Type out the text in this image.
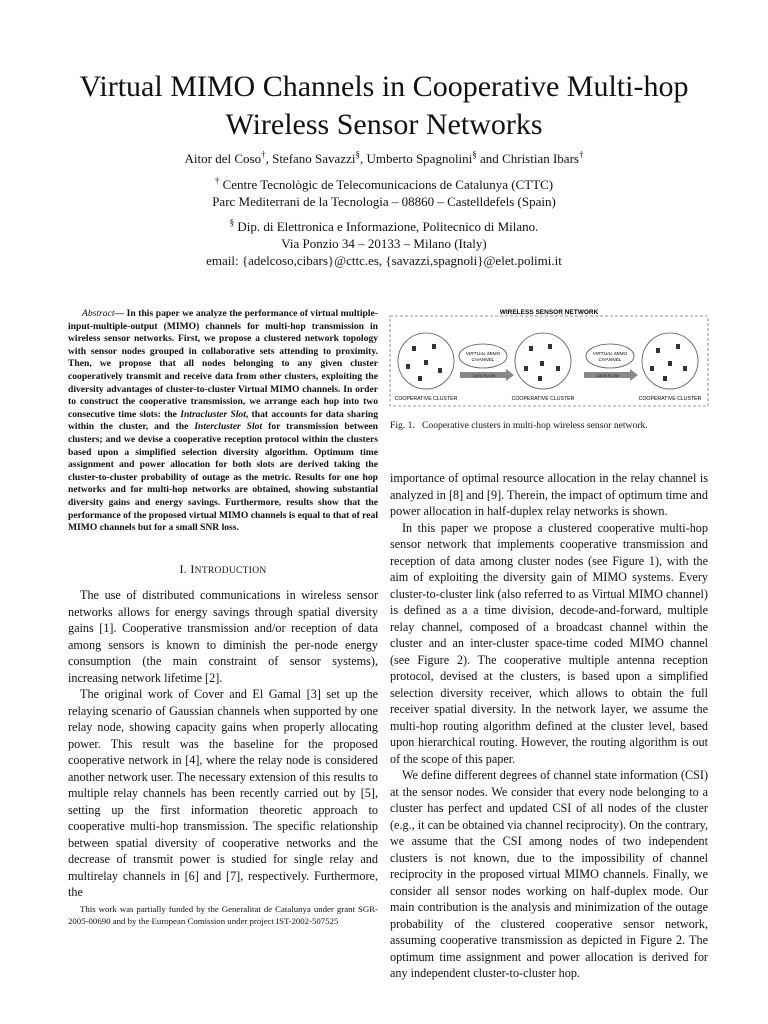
Virtual MIMO Channels in Cooperative Multi-hop
Wireless Sensor Networks
Aitor del Coso†, Stefano Savazzi§, Umberto Spagnolini§ and Christian Ibars†
† Centre Tecnològic de Telecomunicacions de Catalunya (CTTC)
Parc Mediterrani de la Tecnologia – 08860 – Castelldefels (Spain)
§ Dip. di Elettronica e Informazione, Politecnico di Milano.
Via Ponzio 34 – 20133 – Milano (Italy)
email: {adelcoso,cibars}@cttc.es, {savazzi,spagnoli}@elet.polimi.it
Abstract— In this paper we analyze the performance of virtual multiple-input-multiple-output (MIMO) channels for multi-hop transmission in wireless sensor networks. First, we propose a clustered network topology with sensor nodes grouped in collaborative sets attending to proximity. Then, we propose that all nodes belonging to any given cluster cooperatively transmit and receive data from other clusters, exploiting the diversity advantages of cluster-to-cluster Virtual MIMO channels. In order to construct the cooperative transmission, we arrange each hop into two consecutive time slots: the Intracluster Slot, that accounts for data sharing within the cluster, and the Intercluster Slot for transmission between clusters; and we devise a cooperative reception protocol within the clusters based upon a simplified selection diversity algorithm. Optimum time assignment and power allocation for both slots are derived taking the cluster-to-cluster probability of outage as the metric. Results for one hop networks and for multi-hop networks are obtained, showing substantial diversity gains and energy savings. Furthermore, results show that the performance of the proposed virtual MIMO channels is equal to that of real MIMO channels but for a small SNR loss.
I. INTRODUCTION

The use of distributed communications in wireless sensor networks allows for energy savings through spatial diversity gains [1]. Cooperative transmission and/or reception of data among sensors is known to diminish the per-node energy consumption (the main constraint of sensor systems), increasing network lifetime [2].

The original work of Cover and El Gamal [3] set up the relaying scenario of Gaussian channels when supported by one relay node, showing capacity gains when properly allocating power. This result was the baseline for the proposed cooperative network in [4], where the relay node is considered another network user. The necessary extension of this results to multiple relay channels has been recently carried out by [5], setting up the first information theoretic approach to cooperative multi-hop transmission. The specific relationship between spatial diversity of cooperative networks and the decrease of transmit power is studied for single relay and multirelay channels in [6] and [7], respectively. Furthermore, the

This work was partially funded by the Generalitat de Catalunya under grant SGR-2005-00690 and by the European Comission under project IST-2002-507525
WIRELESS SENSOR NETWORK
VIRTUAL MIMO
CHANNEL
VIRTUAL MIMO
CHANNEL
DATA FLOW	DATA FLOW
COOPERATIVE CLUSTER	COOPERATIVE CLUSTER	COOPERATIVE CLUSTER
Fig. 1. Cooperative clusters in multi-hop wireless sensor network.

importance of optimal resource allocation in the relay channel is analyzed in [8] and [9]. Therein, the impact of optimum time and power allocation in half-duplex relay networks is shown.

In this paper we propose a clustered cooperative multi-hop sensor network that implements cooperative transmission and reception of data among cluster nodes (see Figure 1), with the aim of exploiting the diversity gain of MIMO systems. Every cluster-to-cluster link (also referred to as Virtual MIMO channel) is defined as a a time division, decode-and-forward, multiple relay channel, composed of a broadcast channel within the cluster and an inter-cluster space-time coded MIMO channel (see Figure 2). The cooperative multiple antenna reception protocol, devised at the clusters, is based upon a simplified selection diversity receiver, which allows to obtain the full receiver spatial diversity. In the network layer, we assume the multi-hop routing algorithm defined at the cluster level, based upon hierarchical routing. However, the routing algorithm is out of the scope of this paper.

We define different degrees of channel state information (CSI) at the sensor nodes. We consider that every node belonging to a cluster has perfect and updated CSI of all nodes of the cluster (e.g., it can be obtained via channel reciprocity). On the contrary, we assume that the CSI among nodes of two independent clusters is not known, due to the impossibility of channel reciprocity in the proposed virtual MIMO channels. Finally, we consider all sensor nodes working on half-duplex mode. Our main contribution is the analysis and minimization of the outage probability of the clustered cooperative sensor network, assuming cooperative transmission as depicted in Figure 2. The optimum time assignment and power allocation is derived for any independent cluster-to-cluster hop.
